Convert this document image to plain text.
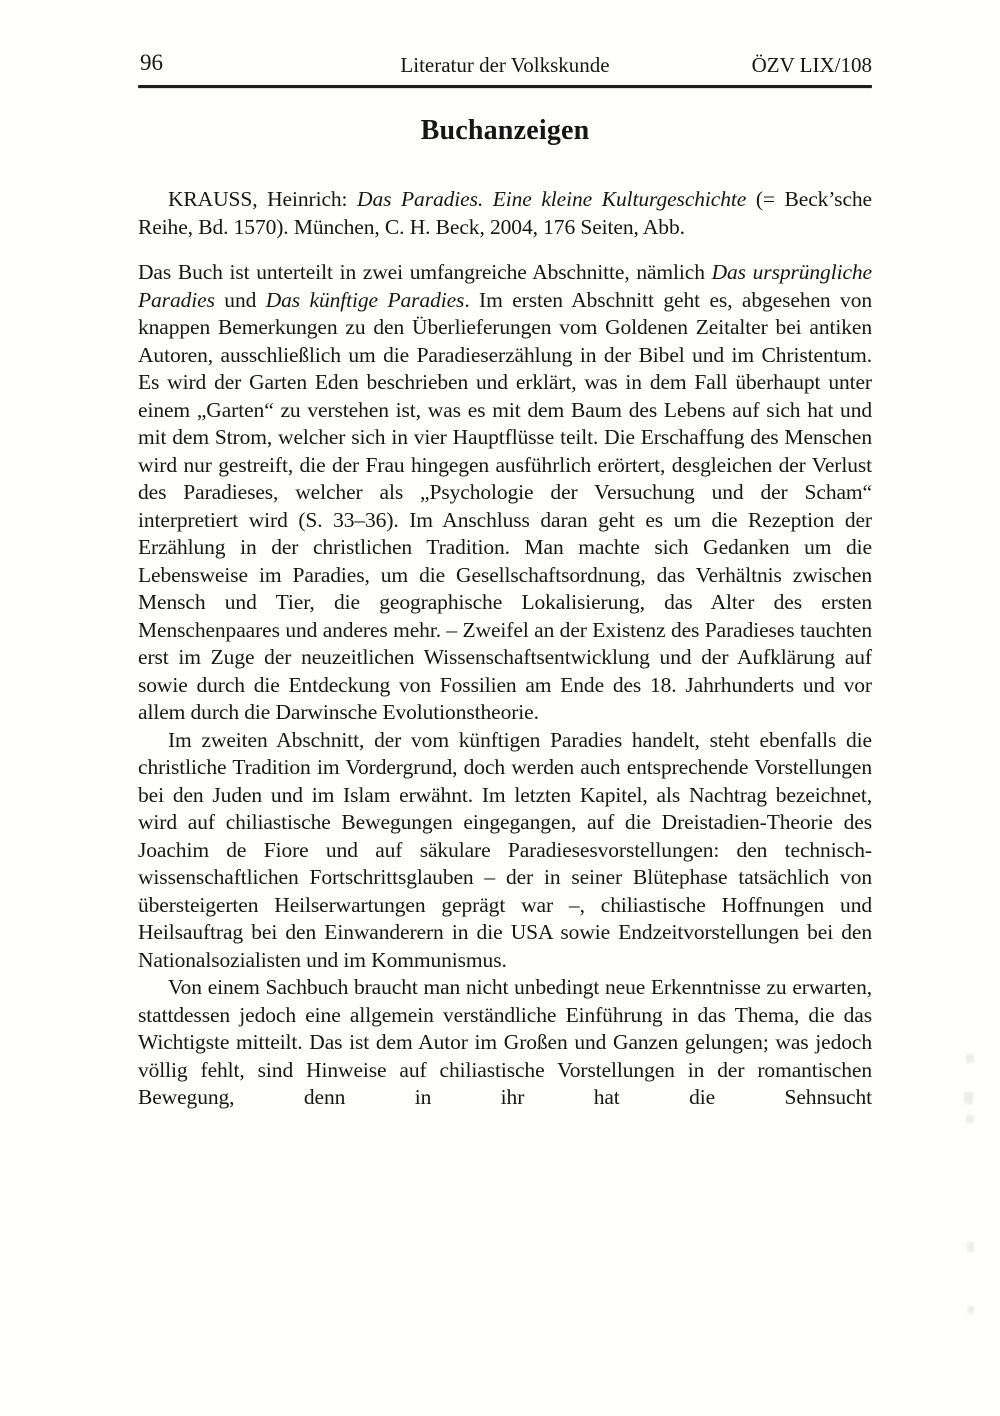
96	Literatur der Volkskunde	ÖZV LIX/108
Buchanzeigen

KRAUSS, Heinrich: Das Paradies. Eine kleine Kulturgeschichte (= Beck’sche Reihe, Bd. 1570). München, C. H. Beck, 2004, 176 Seiten, Abb.

Das Buch ist unterteilt in zwei umfangreiche Abschnitte, nämlich Das ursprüngliche Paradies und Das künftige Paradies. Im ersten Abschnitt geht es, abgesehen von knappen Bemerkungen zu den Überlieferungen vom Goldenen Zeitalter bei antiken Autoren, ausschließlich um die Paradieserzählung in der Bibel und im Christentum. Es wird der Garten Eden beschrieben und erklärt, was in dem Fall überhaupt unter einem „Garten“ zu verstehen ist, was es mit dem Baum des Lebens auf sich hat und mit dem Strom, welcher sich in vier Hauptflüsse teilt. Die Erschaffung des Menschen wird nur gestreift, die der Frau hingegen ausführlich erörtert, desgleichen der Verlust des Paradieses, welcher als „Psychologie der Versuchung und der Scham“ interpretiert wird (S. 33–36). Im Anschluss daran geht es um die Rezeption der Erzählung in der christlichen Tradition. Man machte sich Gedanken um die Lebensweise im Paradies, um die Gesellschaftsordnung, das Verhältnis zwischen Mensch und Tier, die geographische Lokalisierung, das Alter des ersten Menschenpaares und anderes mehr. – Zweifel an der Existenz des Paradieses tauchten erst im Zuge der neuzeitlichen Wissenschaftsentwicklung und der Aufklärung auf sowie durch die Entdeckung von Fossilien am Ende des 18. Jahrhunderts und vor allem durch die Darwinsche Evolutionstheorie.

Im zweiten Abschnitt, der vom künftigen Paradies handelt, steht ebenfalls die christliche Tradition im Vordergrund, doch werden auch entsprechende Vorstellungen bei den Juden und im Islam erwähnt. Im letzten Kapitel, als Nachtrag bezeichnet, wird auf chiliastische Bewegungen eingegangen, auf die Dreistadien-Theorie des Joachim de Fiore und auf säkulare Paradiesesvorstellungen: den technisch-wissenschaftlichen Fortschrittsglauben – der in seiner Blütephase tatsächlich von übersteigerten Heilserwartungen geprägt war –, chiliastische Hoffnungen und Heilsauftrag bei den Einwanderern in die USA sowie Endzeitvorstellungen bei den Nationalsozialisten und im Kommunismus.

Von einem Sachbuch braucht man nicht unbedingt neue Erkenntnisse zu erwarten, stattdessen jedoch eine allgemein verständliche Einführung in das Thema, die das Wichtigste mitteilt. Das ist dem Autor im Großen und Ganzen gelungen; was jedoch völlig fehlt, sind Hinweise auf chiliastische Vorstellungen in der romantischen Bewegung, denn in ihr hat die Sehnsucht
